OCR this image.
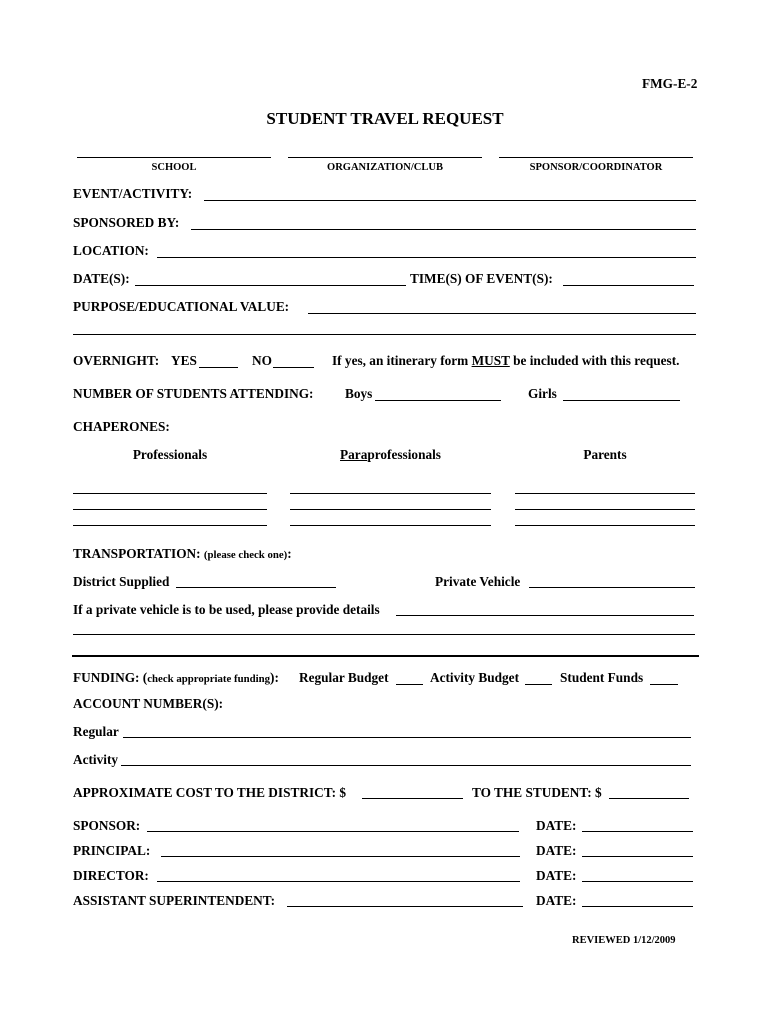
FMG-E-2
STUDENT TRAVEL REQUEST
SCHOOL	ORGANIZATION/CLUB	SPONSOR/COORDINATOR
EVENT/ACTIVITY:
SPONSORED BY:
LOCATION:
DATE(S):	TIME(S) OF EVENT(S):
PURPOSE/EDUCATIONAL VALUE:
OVERNIGHT: YES	NO	If yes, an itinerary form MUST be included with this request.
NUMBER OF STUDENTS ATTENDING: Boys	Girls
CHAPERONES:
Professionals	Paraprofessionals	Parents
TRANSPORTATION: (please check one):
District Supplied	Private Vehicle
If a private vehicle is to be used, please provide details
FUNDING: (check appropriate funding): Regular Budget	Activity Budget	Student Funds
ACCOUNT NUMBER(S):
Regular
Activity
APPROXIMATE COST TO THE DISTRICT: $	TO THE STUDENT: $
SPONSOR:	DATE:
PRINCIPAL:	DATE:
DIRECTOR:	DATE:
ASSISTANT SUPERINTENDENT:	DATE:
REVIEWED 1/12/2009
